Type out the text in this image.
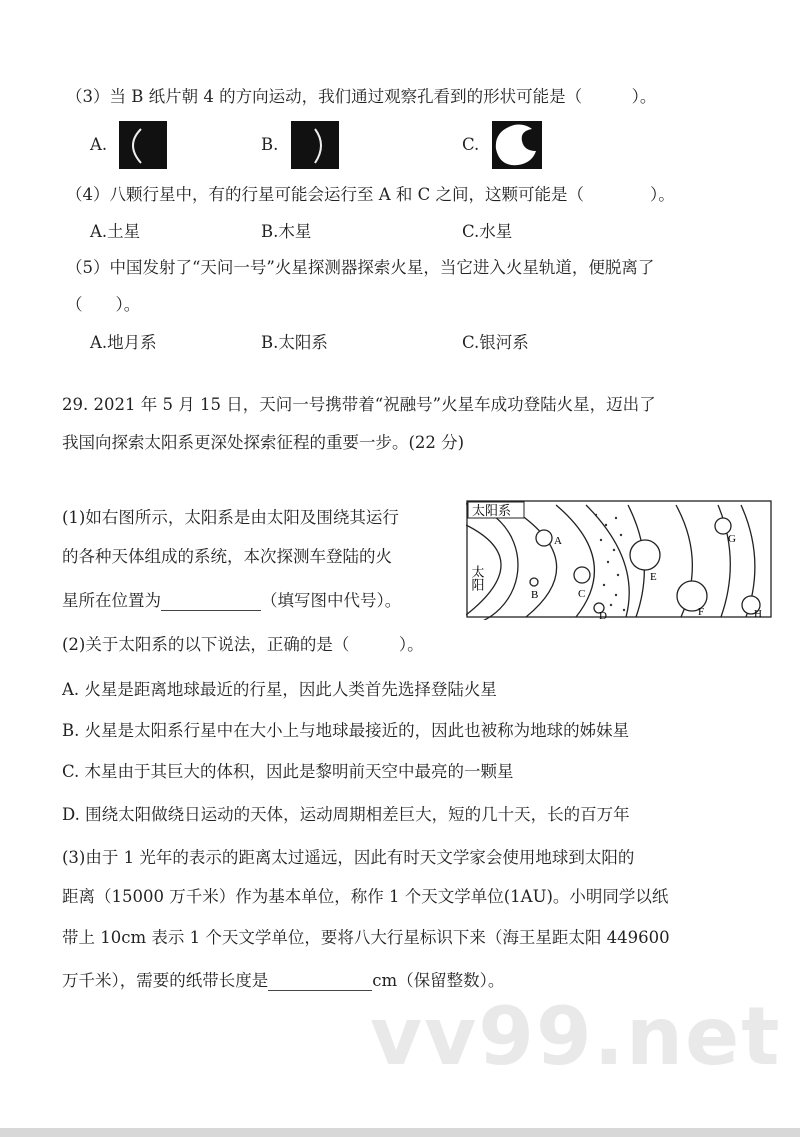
（3）当 B 纸片朝 4 的方向运动，我们通过观察孔看到的形状可能是（　　　）。
A.	B.	C.
（4）八颗行星中，有的行星可能会运行至 A 和 C 之间，这颗可能是（　　　　）。
A.土星	B.木星	C.水星
（5）中国发射了“天问一号”火星探测器探索火星，当它进入火星轨道，便脱离了
（　　）。
A.地月系	B.太阳系	C.银河系
29. 2021 年 5 月 15 日，天问一号携带着“祝融号”火星车成功登陆火星，迈出了
我国向探索太阳系更深处探索征程的重要一步。(22 分)
(1)如右图所示，太阳系是由太阳及围绕其运行
的各种天体组成的系统，本次探测车登陆的火
星所在位置为	（填写图中代号）。
太阳系
太阳
A
B	C
D
E
F
G
H
(2)关于太阳系的以下说法，正确的是（　　　）。
A. 火星是距离地球最近的行星，因此人类首先选择登陆火星
B. 火星是太阳系行星中在大小上与地球最接近的，因此也被称为地球的姊妹星
C. 木星由于其巨大的体积，因此是黎明前天空中最亮的一颗星
D. 围绕太阳做绕日运动的天体，运动周期相差巨大，短的几十天，长的百万年
(3)由于 1 光年的表示的距离太过遥远，因此有时天文学家会使用地球到太阳的
距离（15000 万千米）作为基本单位，称作 1 个天文学单位(1AU)。小明同学以纸
带上 10cm 表示 1 个天文学单位，要将八大行星标识下来（海王星距太阳 449600
万千米），需要的纸带长度是	cm（保留整数）。
vv99.net
